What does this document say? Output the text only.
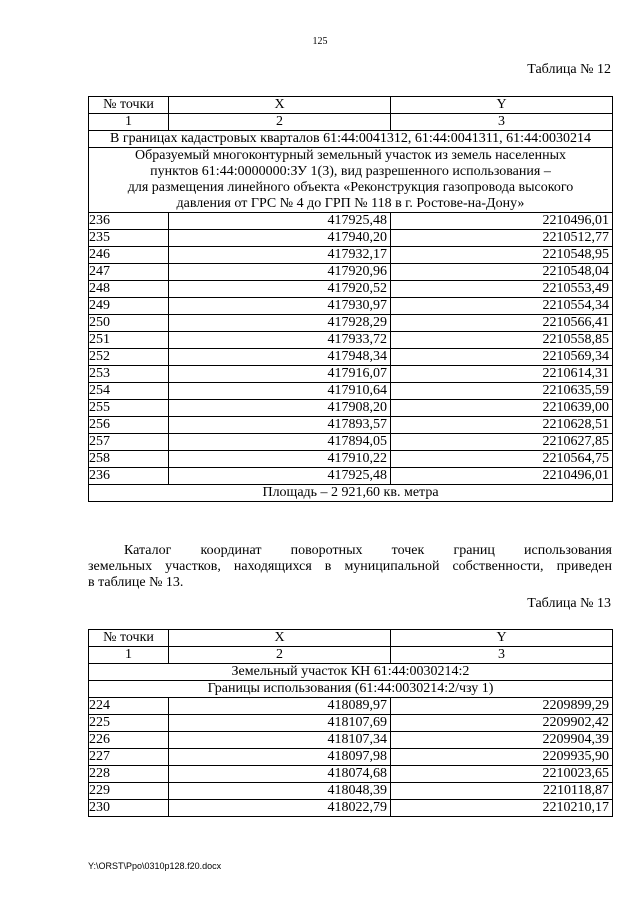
125
Таблица № 12
№ точки	X	Y
1	2	3
В границах кадастровых кварталов 61:44:0041312, 61:44:0041311, 61:44:0030214		

Образуемый многоконтурный земельный участок из земель населенных
пунктов 61:44:0000000:ЗУ 1(3), вид разрешенного использования –
для размещения линейного объекта «Реконструкция газопровода высокого
давления от ГРС № 4 до ГРП № 118 в г. Ростове-на-Дону»		

236	417925,48	2210496,01
235	417940,20	2210512,77
246	417932,17	2210548,95
247	417920,96	2210548,04
248	417920,52	2210553,49
249	417930,97	2210554,34
250	417928,29	2210566,41
251	417933,72	2210558,85
252	417948,34	2210569,34
253	417916,07	2210614,31
254	417910,64	2210635,59
255	417908,20	2210639,00
256	417893,57	2210628,51
257	417894,05	2210627,85
258	417910,22	2210564,75
236	417925,48	2210496,01
Площадь – 2 921,60 кв. метра		
Каталог координат поворотных точек границ использования
земельных участков, находящихся в муниципальной собственности, приведен
в таблице № 13.
Таблица № 13
№ точки	X	Y
1	2	3
Земельный участок КН 61:44:0030214:2		
Границы использования (61:44:0030214:2/чзу 1)		
224	418089,97	2209899,29
225	418107,69	2209902,42
226	418107,34	2209904,39
227	418097,98	2209935,90
228	418074,68	2210023,65
229	418048,39	2210118,87
230	418022,79	2210210,17
Y:\ORST\Ppo\0310p128.f20.docx
